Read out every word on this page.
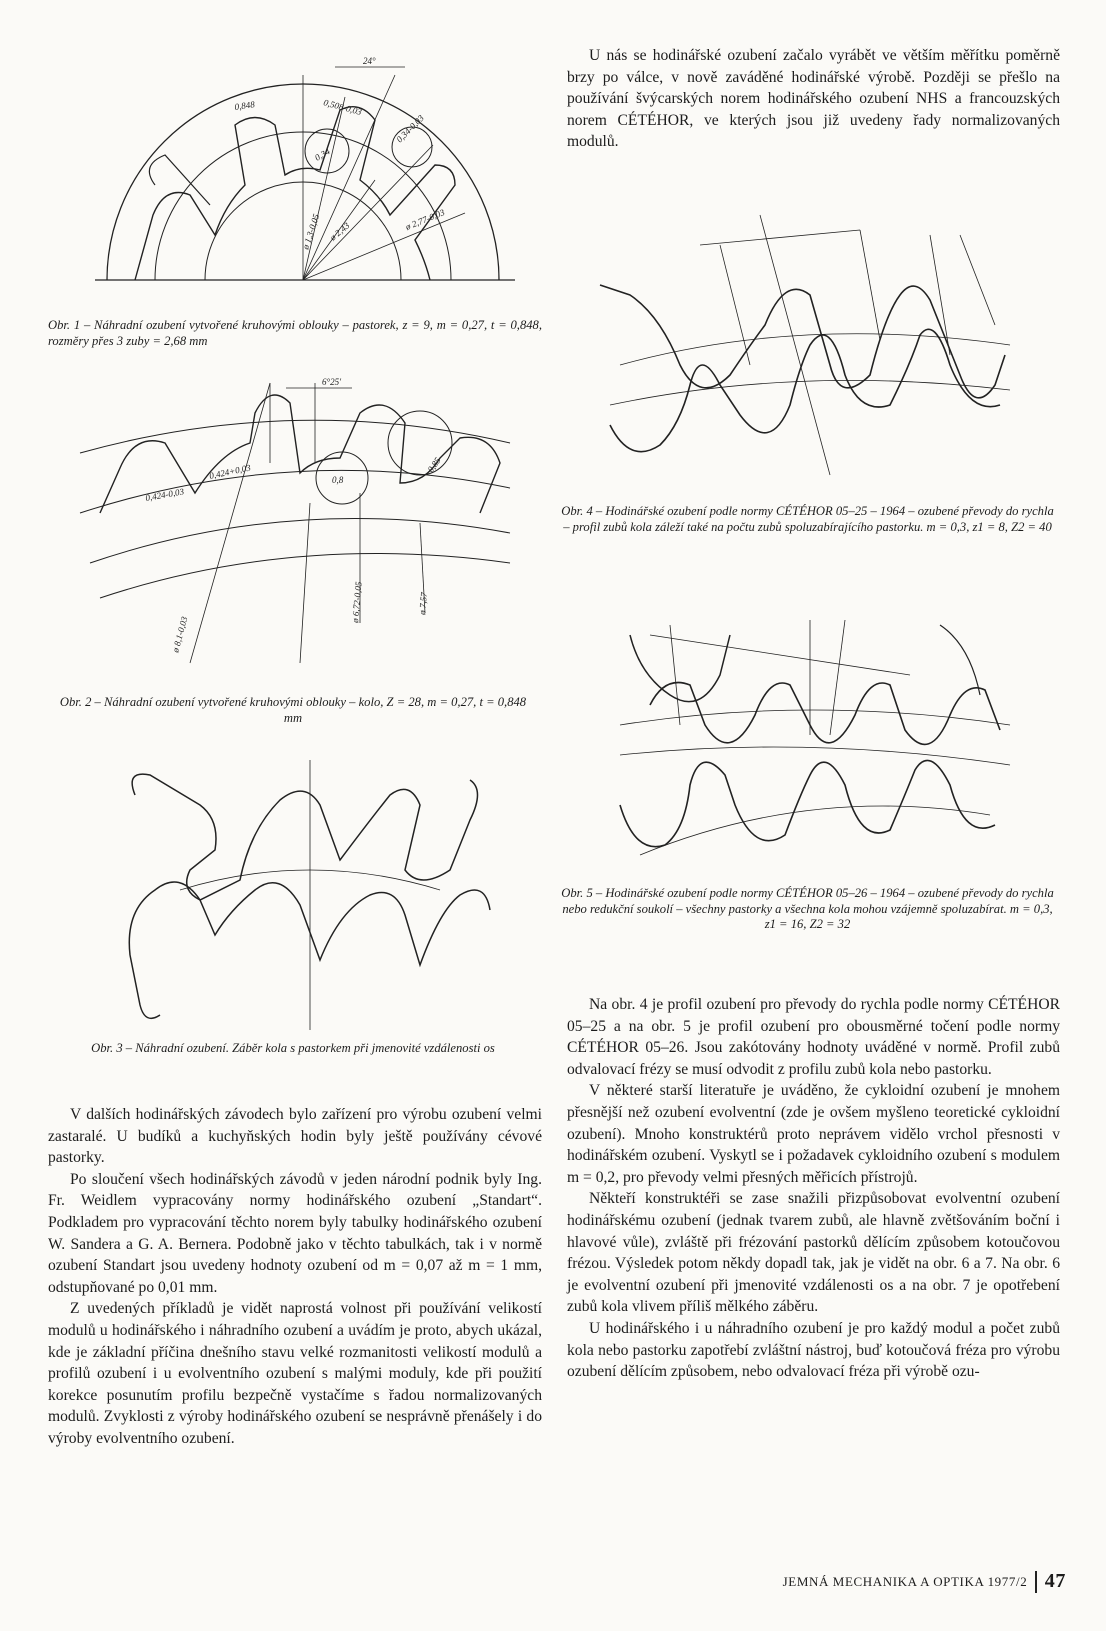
24°
0,848	0,508-0,03
0,34
0,34-0,03
ø 1,3-0,05 ø 2,43	ø 2,77-0,03

Obr. 1 – Náhradní ozubení vytvořené kruhovými oblouky – pastorek, z = 9, m = 0,27, t = 0,848, rozměry přes 3 zuby = 2,68 mm

6°25'
0,424-0,03
0,424+0,03	0,85
0,8
ø 8,1-0,03
ø 6,72-0,05	ø 7,57

Obr. 2 – Náhradní ozubení vytvořené kruhovými oblouky – kolo, Z = 28, m = 0,27, t = 0,848 mm

Obr. 3 – Náhradní ozubení. Záběr kola s pastorkem při jmenovité vzdálenosti os

Obr. 4 – Hodinářské ozubení podle normy CÉTÉHOR 05–25 – 1964 – ozubené převody do rychla – profil zubů kola záleží také na počtu zubů spoluzabírajícího pastorku. m = 0,3, z1 = 8, Z2 = 40

Obr. 5 – Hodinářské ozubení podle normy CÉTÉHOR 05–26 – 1964 – ozubené převody do rychla nebo redukční soukolí – všechny pastorky a všechna kola mohou vzájemně spoluzabírat. m = 0,3, z1 = 16, Z2 = 32

U nás se hodinářské ozubení začalo vyrábět ve větším měřítku poměrně brzy po válce, v nově zaváděné hodinářské výrobě. Později se přešlo na používání švýcarských norem hodinářského ozubení NHS a francouzských norem CÉTÉHOR, ve kterých jsou již uvedeny řady normalizovaných modulů.

V dalších hodinářských závodech bylo zařízení pro výrobu ozubení velmi zastaralé. U budíků a kuchyňských hodin byly ještě používány cévové pastorky.

Po sloučení všech hodinářských závodů v jeden národní podnik byly Ing. Fr. Weidlem vypracovány normy hodinářského ozubení „Standart“. Podkladem pro vypracování těchto norem byly tabulky hodinářského ozubení W. Sandera a G. A. Bernera. Podobně jako v těchto tabulkách, tak i v normě ozubení Standart jsou uvedeny hodnoty ozubení od m = 0,07 až m = 1 mm, odstupňované po 0,01 mm.

Z uvedených příkladů je vidět naprostá volnost při používání velikostí modulů u hodinářského i náhradního ozubení a uvádím je proto, abych ukázal, kde je základní příčina dnešního stavu velké rozmanitosti velikostí modulů a profilů ozubení i u evolventního ozubení s malými moduly, kde při použití korekce posunutím profilu bezpečně vystačíme s řadou normalizovaných modulů. Zvyklosti z výroby hodinářského ozubení se nesprávně přenášely i do výroby evolventního ozubení.

Na obr. 4 je profil ozubení pro převody do rychla podle normy CÉTÉHOR 05–25 a na obr. 5 je profil ozubení pro obousměrné točení podle normy CÉTÉHOR 05–26. Jsou zakótovány hodnoty uváděné v normě. Profil zubů odvalovací frézy se musí odvodit z profilu zubů kola nebo pastorku.

V některé starší literatuře je uváděno, že cykloidní ozubení je mnohem přesnější než ozubení evolventní (zde je ovšem myšleno teoretické cykloidní ozubení). Mnoho konstruktérů proto neprávem vidělo vrchol přesnosti v hodinářském ozubení. Vyskytl se i požadavek cykloidního ozubení s modulem m = 0,2, pro převody velmi přesných měřicích přístrojů.

Někteří konstruktéři se zase snažili přizpůsobovat evolventní ozubení hodinářskému ozubení (jednak tvarem zubů, ale hlavně zvětšováním boční i hlavové vůle), zvláště při frézování pastorků dělícím způsobem kotoučovou frézou. Výsledek potom někdy dopadl tak, jak je vidět na obr. 6 a 7. Na obr. 6 je evolventní ozubení při jmenovité vzdálenosti os a na obr. 7 je opotřebení zubů kola vlivem příliš mělkého záběru.

U hodinářského i u náhradního ozubení je pro každý modul a počet zubů kola nebo pastorku zapotřebí zvláštní nástroj, buď kotoučová fréza pro výrobu ozubení dělícím způsobem, nebo odvalovací fréza při výrobě ozu-

JEMNÁ MECHANIKA A OPTIKA 1977/2 47
